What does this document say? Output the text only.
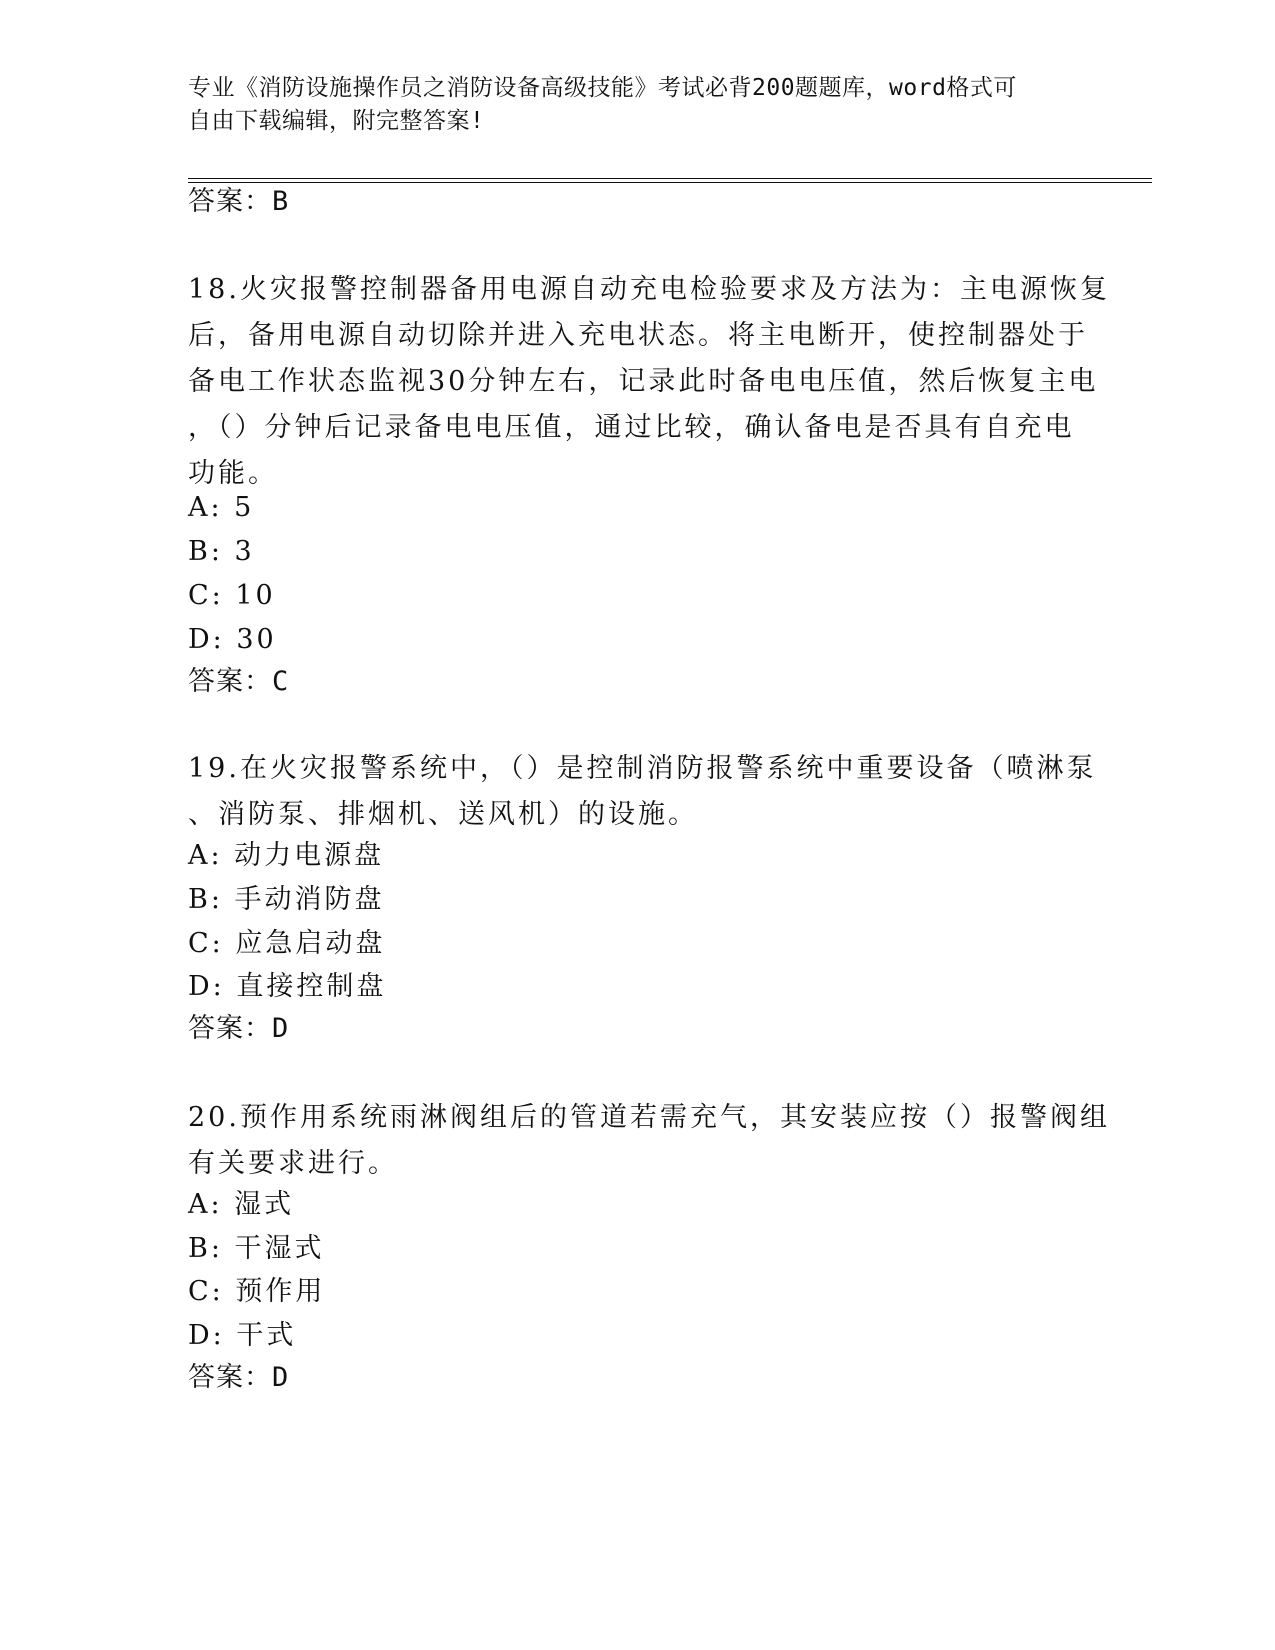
专业《消防设施操作员之消防设备高级技能》考试必背200题题库，word格式可
自由下载编辑，附完整答案!
答案：B
18.火灾报警控制器备用电源自动充电检验要求及方法为：主电源恢复
后，备用电源自动切除并进入充电状态。将主电断开，使控制器处于
备电工作状态监视30分钟左右，记录此时备电电压值，然后恢复主电
，（）分钟后记录备电电压值，通过比较，确认备电是否具有自充电
功能。
A: 5
B: 3
C: 10
D: 30
答案：C
19.在火灾报警系统中，（）是控制消防报警系统中重要设备（喷淋泵
、消防泵、排烟机、送风机）的设施。
A: 动力电源盘
B: 手动消防盘
C: 应急启动盘
D: 直接控制盘
答案：D
20.预作用系统雨淋阀组后的管道若需充气，其安装应按（）报警阀组
有关要求进行。
A: 湿式
B: 干湿式
C: 预作用
D: 干式
答案：D
